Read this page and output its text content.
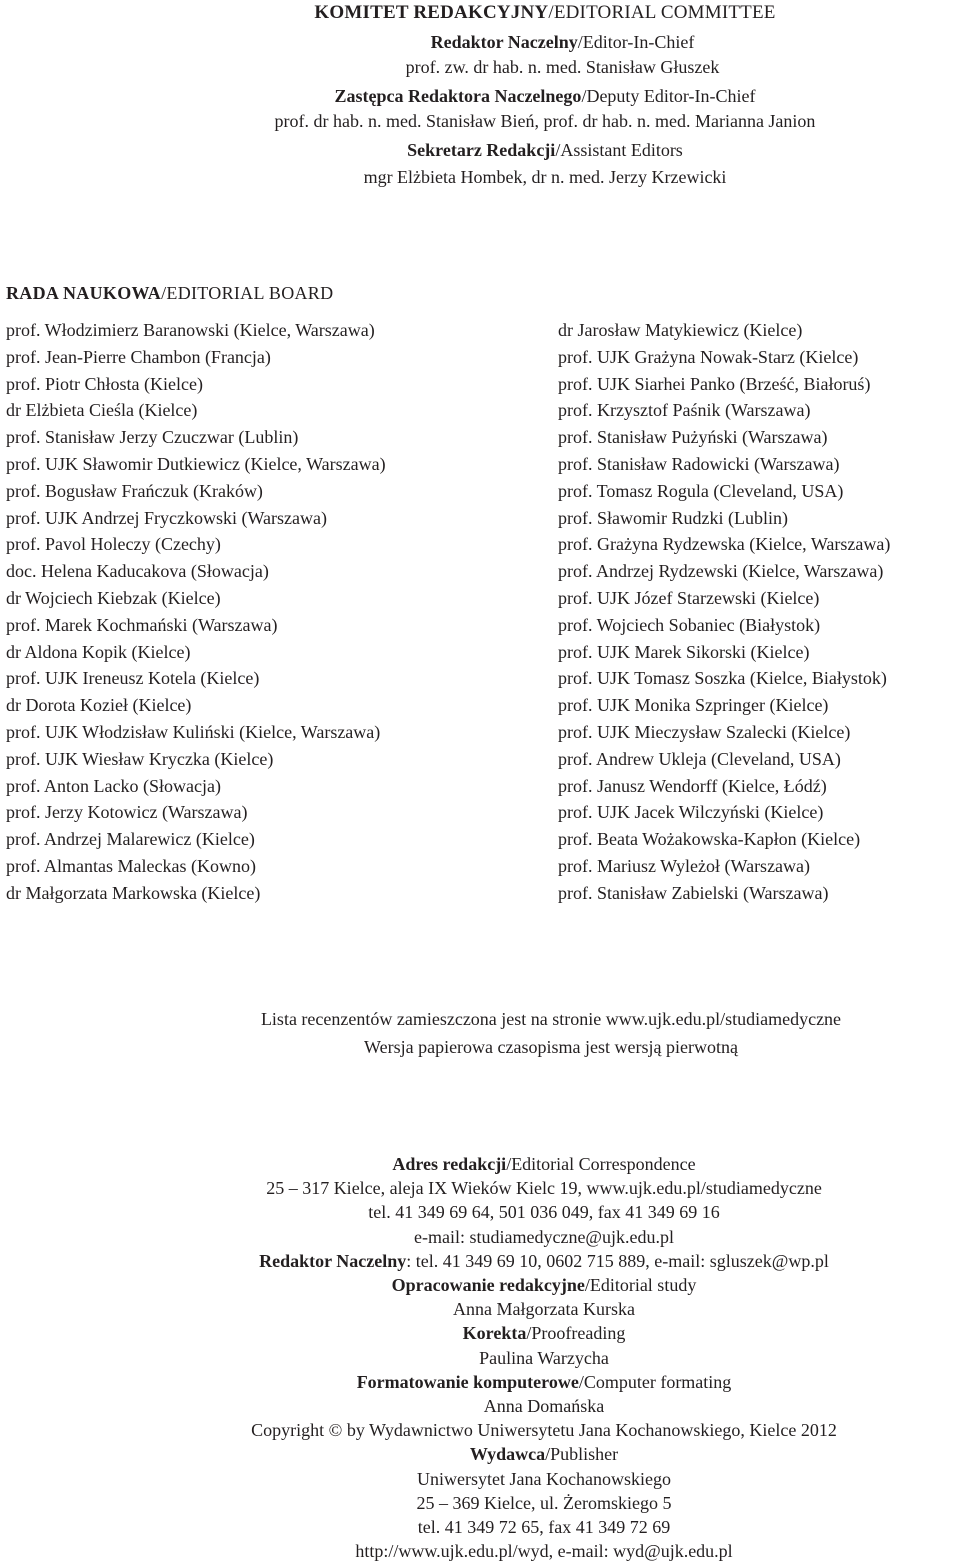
KOMITET REDAKCYJNY/EDITORIAL COMMITTEE
Redaktor Naczelny/Editor-In-Chief
prof. zw. dr hab. n. med. Stanisław Głuszek
Zastępca Redaktora Naczelnego/Deputy Editor-In-Chief
prof. dr hab. n. med. Stanisław Bień, prof. dr hab. n. med. Marianna Janion
Sekretarz Redakcji/Assistant Editors
mgr Elżbieta Hombek, dr n. med. Jerzy Krzewicki
RADA NAUKOWA/EDITORIAL BOARD
prof. Włodzimierz Baranowski (Kielce, Warszawa)
prof. Jean-Pierre Chambon (Francja)
prof. Piotr Chłosta (Kielce)
dr Elżbieta Cieśla (Kielce)
prof. Stanisław Jerzy Czuczwar (Lublin)
prof. UJK Sławomir Dutkiewicz (Kielce, Warszawa)
prof. Bogusław Frańczuk (Kraków)
prof. UJK Andrzej Fryczkowski (Warszawa)
prof. Pavol Holeczy (Czechy)
doc. Helena Kaducakova (Słowacja)
dr Wojciech Kiebzak (Kielce)
prof. Marek Kochmański (Warszawa)
dr Aldona Kopik (Kielce)
prof. UJK Ireneusz Kotela (Kielce)
dr Dorota Kozieł (Kielce)
prof. UJK Włodzisław Kuliński (Kielce, Warszawa)
prof. UJK Wiesław Kryczka (Kielce)
prof. Anton Lacko (Słowacja)
prof. Jerzy Kotowicz (Warszawa)
prof. Andrzej Malarewicz (Kielce)
prof. Almantas Maleckas (Kowno)
dr Małgorzata Markowska (Kielce)
dr Jarosław Matykiewicz (Kielce)
prof. UJK Grażyna Nowak-Starz (Kielce)
prof. UJK Siarhei Panko (Brześć, Białoruś)
prof. Krzysztof Paśnik (Warszawa)
prof. Stanisław Pużyński (Warszawa)
prof. Stanisław Radowicki (Warszawa)
prof. Tomasz Rogula (Cleveland, USA)
prof. Sławomir Rudzki (Lublin)
prof. Grażyna Rydzewska (Kielce, Warszawa)
prof. Andrzej Rydzewski (Kielce, Warszawa)
prof. UJK Józef Starzewski (Kielce)
prof. Wojciech Sobaniec (Białystok)
prof. UJK Marek Sikorski (Kielce)
prof. UJK Tomasz Soszka (Kielce, Białystok)
prof. UJK Monika Szpringer (Kielce)
prof. UJK Mieczysław Szalecki (Kielce)
prof. Andrew Ukleja (Cleveland, USA)
prof. Janusz Wendorff (Kielce, Łódź)
prof. UJK Jacek Wilczyński (Kielce)
prof. Beata Wożakowska-Kapłon (Kielce)
prof. Mariusz Wyleżoł (Warszawa)
prof. Stanisław Zabielski (Warszawa)
Lista recenzentów zamieszczona jest na stronie www.ujk.edu.pl/studiamedyczne
Wersja papierowa czasopisma jest wersją pierwotną
Adres redakcji/Editorial Correspondence
25 – 317 Kielce, aleja IX Wieków Kielc 19, www.ujk.edu.pl/studiamedyczne
tel. 41 349 69 64, 501 036 049, fax 41 349 69 16
e-mail: studiamedyczne@ujk.edu.pl
Redaktor Naczelny: tel. 41 349 69 10, 0602 715 889, e-mail: sgluszek@wp.pl
Opracowanie redakcyjne/Editorial study
Anna Małgorzata Kurska
Korekta/Proofreading
Paulina Warzycha
Formatowanie komputerowe/Computer formating
Anna Domańska
Copyright © by Wydawnictwo Uniwersytetu Jana Kochanowskiego, Kielce 2012
Wydawca/Publisher
Uniwersytet Jana Kochanowskiego
25 – 369 Kielce, ul. Żeromskiego 5
tel. 41 349 72 65, fax 41 349 72 69
http://www.ujk.edu.pl/wyd, e-mail: wyd@ujk.edu.pl
